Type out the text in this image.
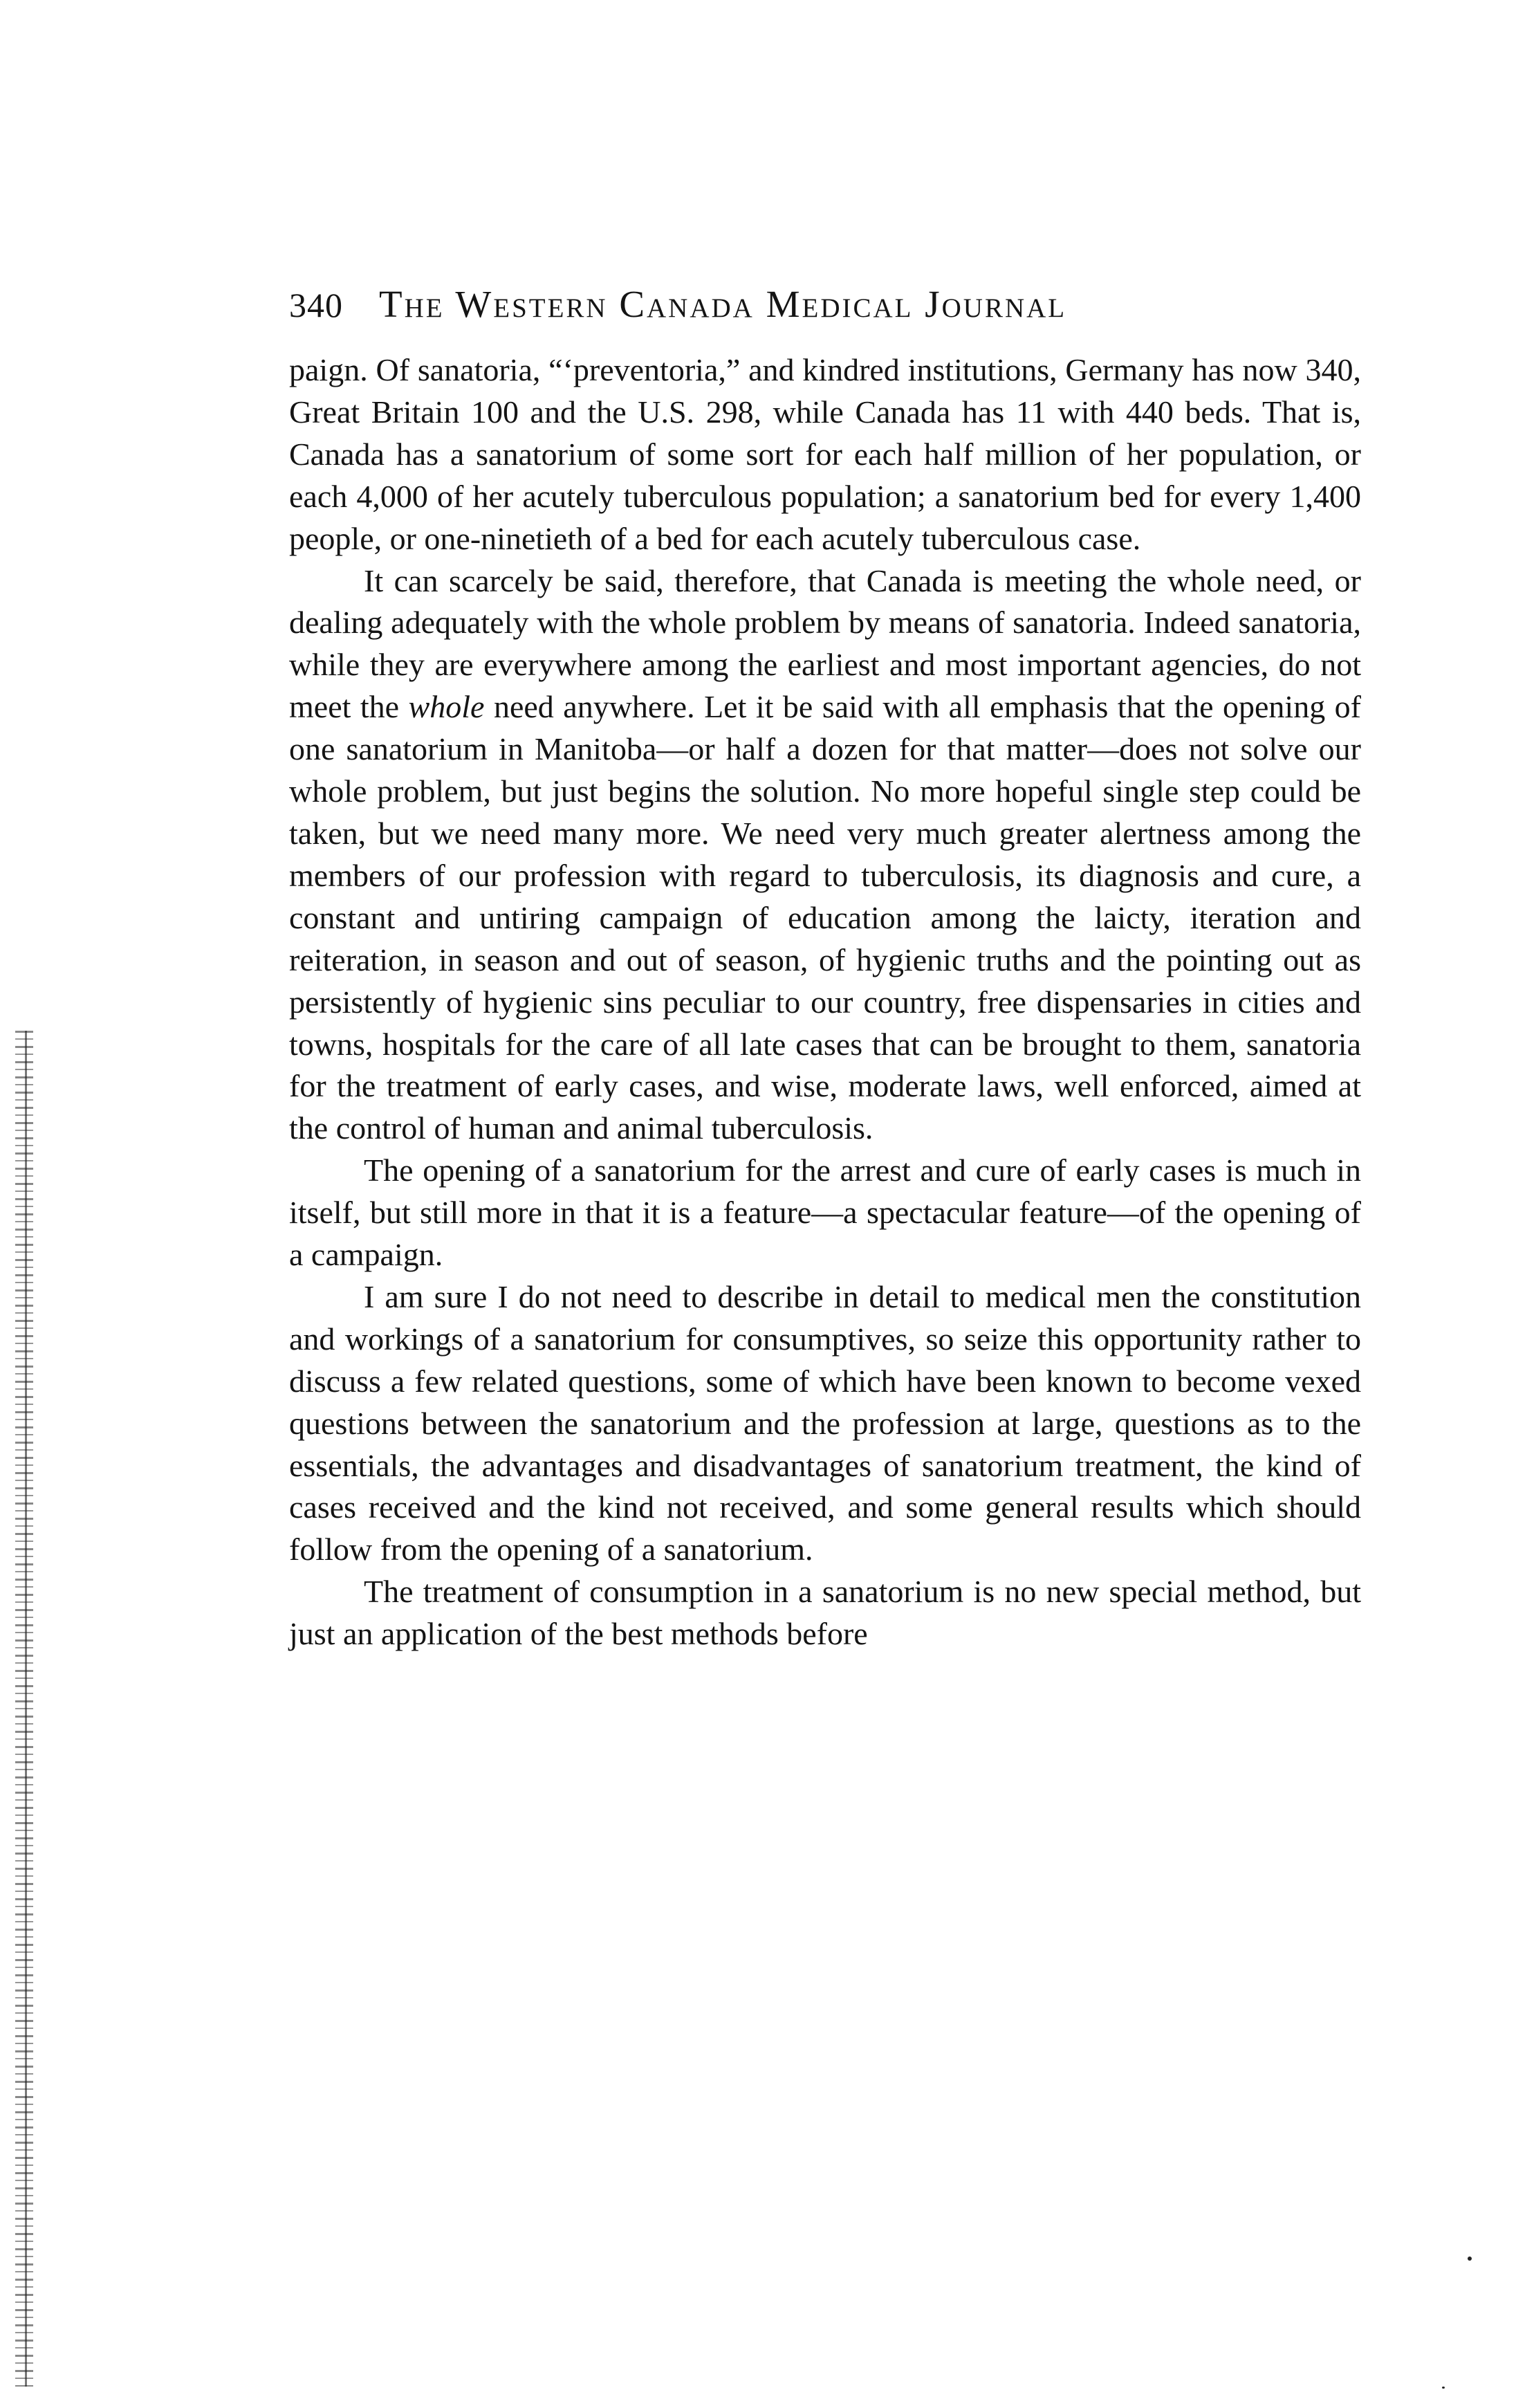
340 The Western Canada Medical Journal

paign. Of sanatoria, “‘preventoria,” and kindred institutions, Germany has now 340, Great Britain 100 and the U.S. 298, while Canada has 11 with 440 beds. That is, Canada has a sanatorium of some sort for each half million of her population, or each 4,000 of her acutely tuberculous population; a sanatorium bed for every 1,400 people, or one-ninetieth of a bed for each acutely tuberculous case.

It can scarcely be said, therefore, that Canada is meeting the whole need, or dealing adequately with the whole problem by means of sanatoria. Indeed sanatoria, while they are everywhere among the earliest and most important agencies, do not meet the whole need anywhere. Let it be said with all emphasis that the opening of one sanatorium in Manitoba—or half a dozen for that matter—does not solve our whole problem, but just begins the solution. No more hopeful single step could be taken, but we need many more. We need very much greater alertness among the members of our profession with regard to tuberculosis, its diagnosis and cure, a constant and untiring campaign of education among the laicty, iteration and reiteration, in season and out of season, of hygienic truths and the pointing out as persistently of hygienic sins peculiar to our country, free dispensaries in cities and towns, hospitals for the care of all late cases that can be brought to them, sanatoria for the treatment of early cases, and wise, moderate laws, well enforced, aimed at the control of human and animal tuberculosis.

The opening of a sanatorium for the arrest and cure of early cases is much in itself, but still more in that it is a feature—a spectacular feature—of the opening of a campaign.

I am sure I do not need to describe in detail to medical men the constitution and workings of a sanatorium for consumptives, so seize this opportunity rather to discuss a few related questions, some of which have been known to become vexed questions between the sanatorium and the profession at large, questions as to the essentials, the advantages and disadvantages of sanatorium treatment, the kind of cases received and the kind not received, and some general results which should follow from the opening of a sanatorium.

The treatment of consumption in a sanatorium is no new special method, but just an application of the best methods before
